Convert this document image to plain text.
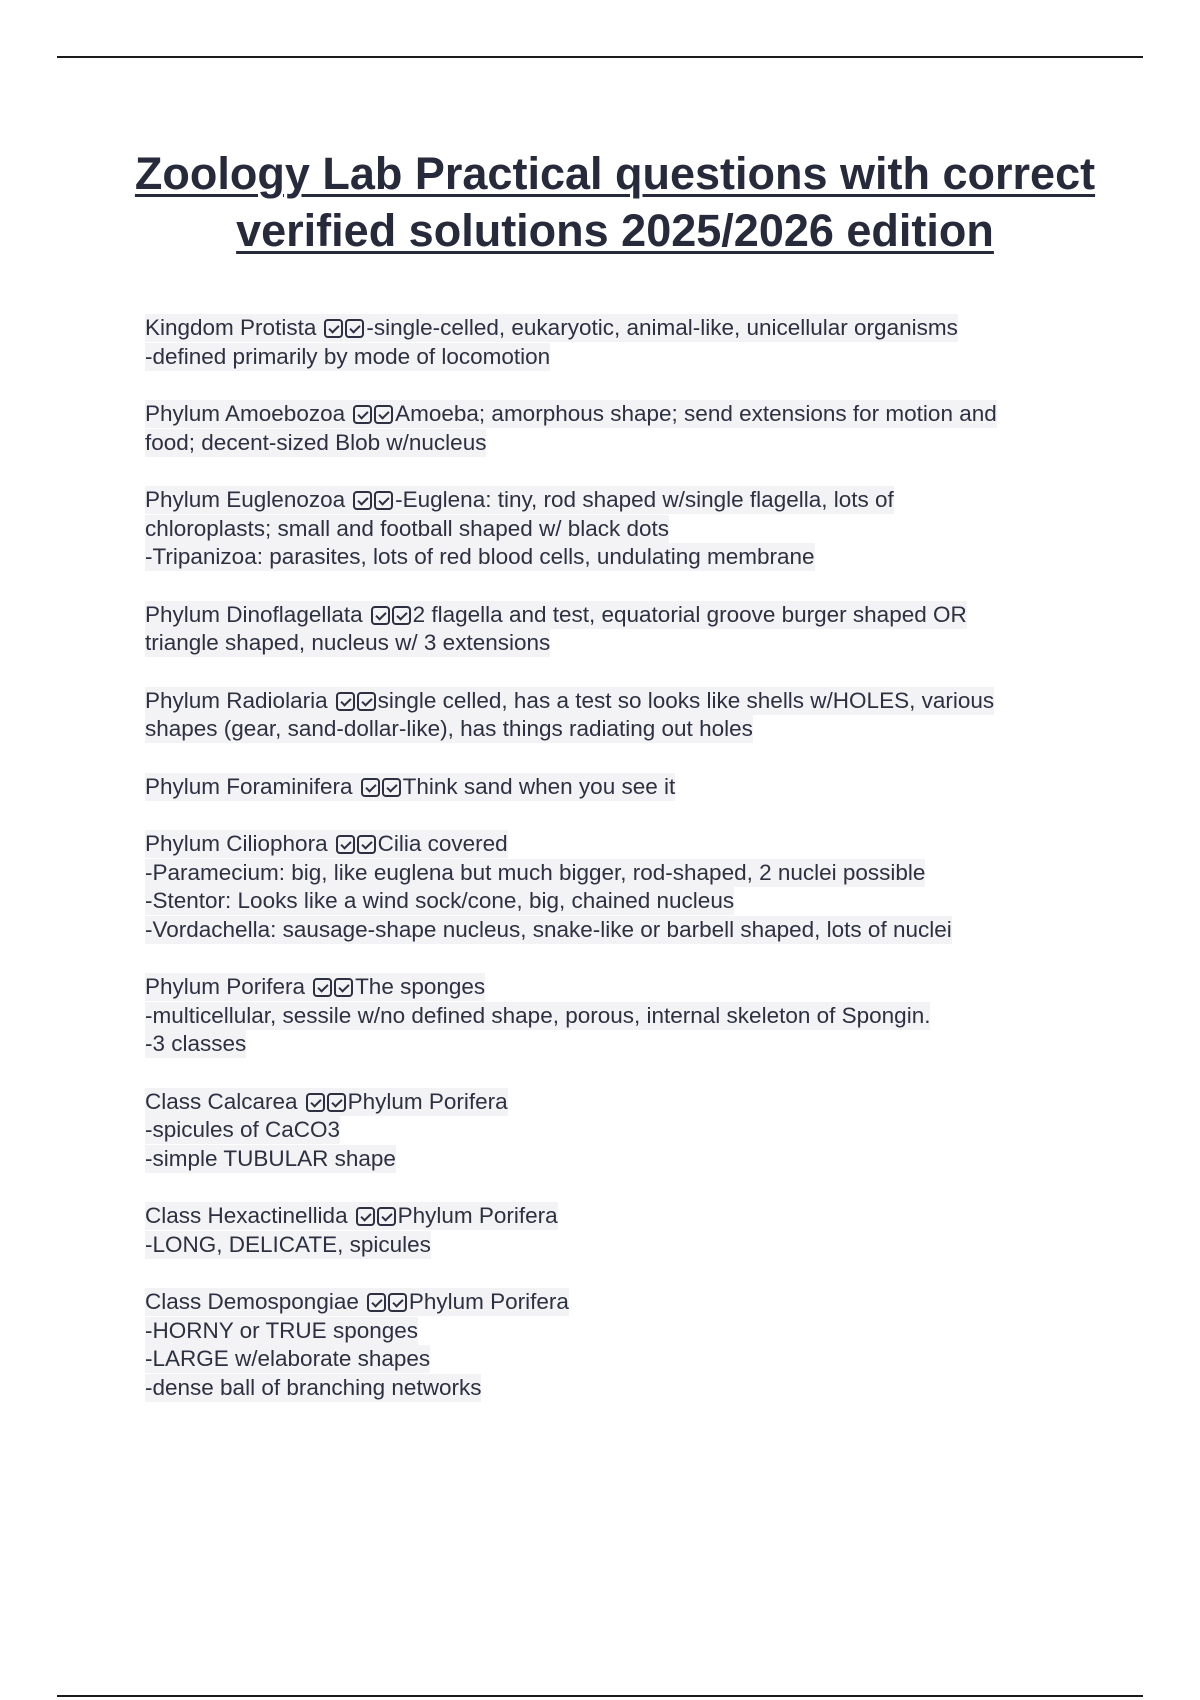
Zoology Lab Practical questions with correct verified solutions 2025/2026 edition
Kingdom Protista -single-celled, eukaryotic, animal-like, unicellular organisms
-defined primarily by mode of locomotion
Phylum Amoebozoa Amoeba; amorphous shape; send extensions for motion and
food; decent-sized Blob w/nucleus
Phylum Euglenozoa -Euglena: tiny, rod shaped w/single flagella, lots of
chloroplasts; small and football shaped w/ black dots
-Tripanizoa: parasites, lots of red blood cells, undulating membrane
Phylum Dinoflagellata 2 flagella and test, equatorial groove burger shaped OR
triangle shaped, nucleus w/ 3 extensions
Phylum Radiolaria single celled, has a test so looks like shells w/HOLES, various
shapes (gear, sand-dollar-like), has things radiating out holes
Phylum Foraminifera Think sand when you see it
Phylum Ciliophora Cilia covered
-Paramecium: big, like euglena but much bigger, rod-shaped, 2 nuclei possible
-Stentor: Looks like a wind sock/cone, big, chained nucleus
-Vordachella: sausage-shape nucleus, snake-like or barbell shaped, lots of nuclei
Phylum Porifera The sponges
-multicellular, sessile w/no defined shape, porous, internal skeleton of Spongin.
-3 classes
Class Calcarea Phylum Porifera
-spicules of CaCO3
-simple TUBULAR shape
Class Hexactinellida Phylum Porifera
-LONG, DELICATE, spicules
Class Demospongiae Phylum Porifera
-HORNY or TRUE sponges
-LARGE w/elaborate shapes
-dense ball of branching networks
